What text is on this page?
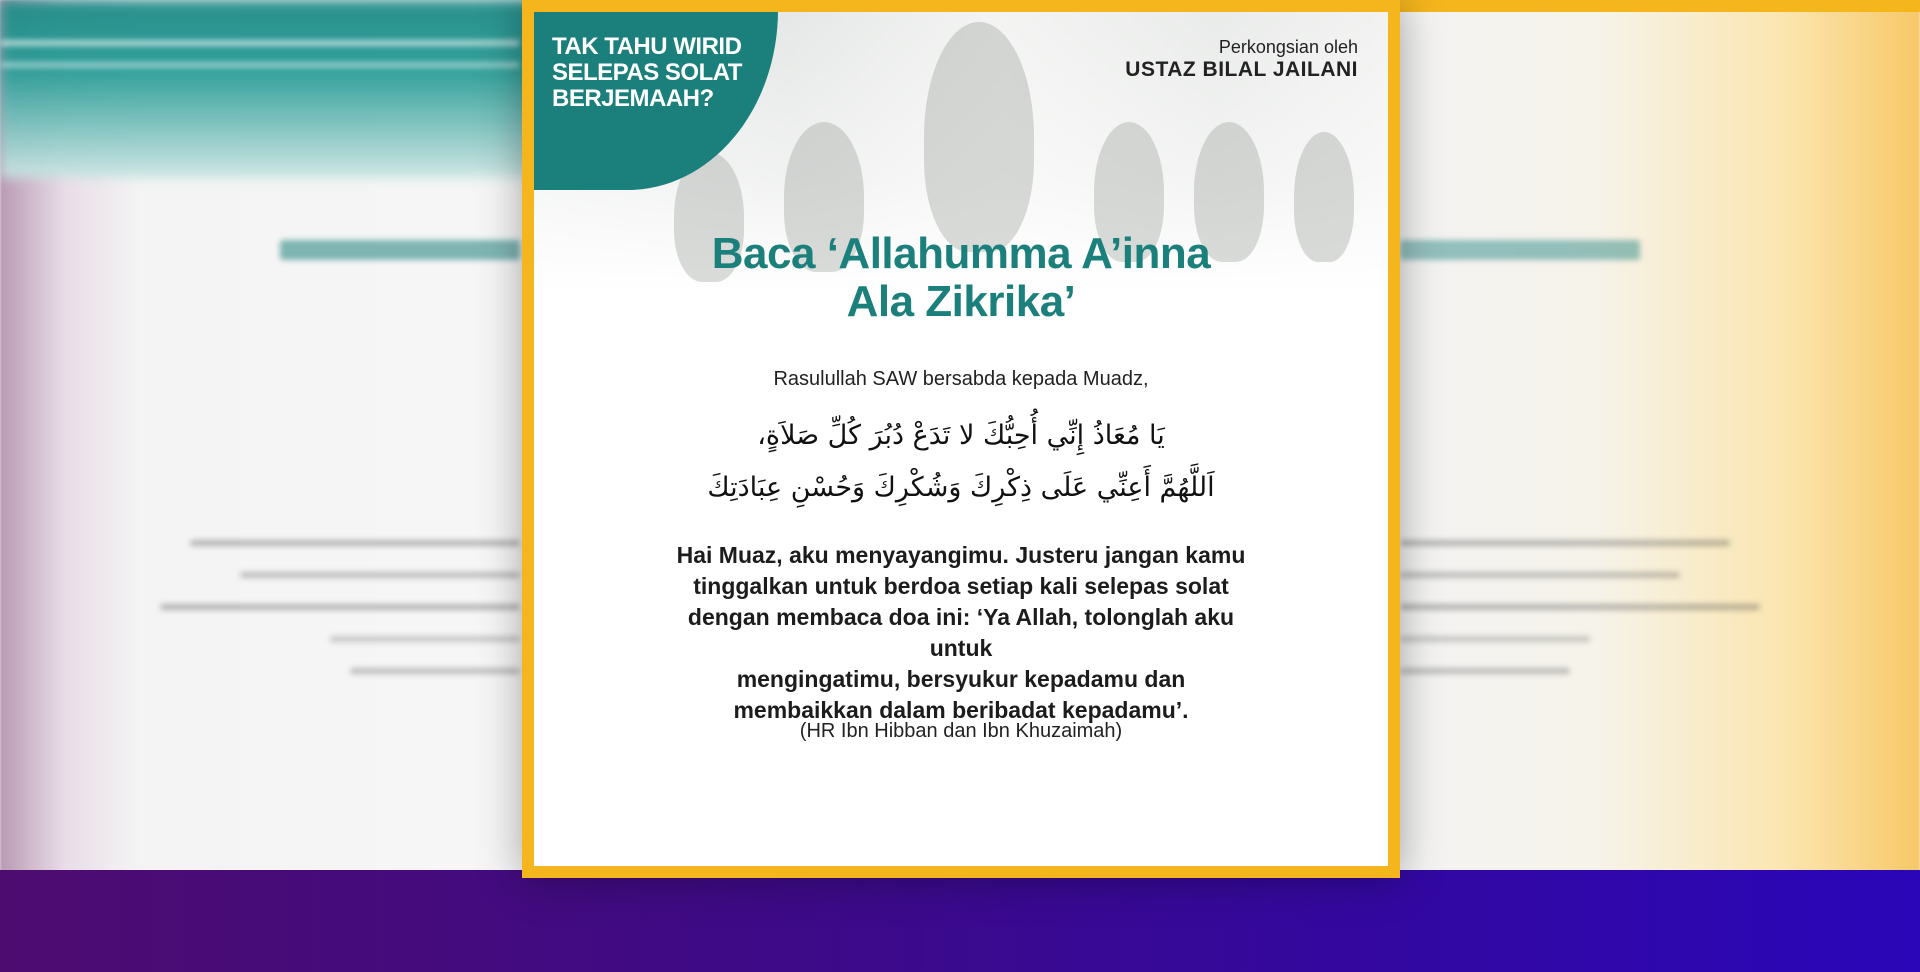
TAK TAHU WIRID
SELEPAS SOLAT
BERJEMAAH?
Perkongsian oleh
USTAZ BILAL JAILANI
Baca ‘Allahumma A’inna
Ala Zikrika’
Rasulullah SAW bersabda kepada Muadz,
يَا مُعَاذُ إِنِّي أُحِبُّكَ لا تَدَعْ دُبُرَ كُلِّ صَلاَةٍ،
اَللَّهُمَّ أَعِنِّي عَلَى ذِكْرِكَ وَشُكْرِكَ وَحُسْنِ عِبَادَتِكَ
Hai Muaz, aku menyayangimu. Justeru jangan kamu
tinggalkan untuk berdoa setiap kali selepas solat
dengan membaca doa ini: ‘Ya Allah, tolonglah aku untuk
mengingatimu, bersyukur kepadamu dan
membaikkan dalam beribadat kepadamu’.
(HR Ibn Hibban dan Ibn Khuzaimah)
